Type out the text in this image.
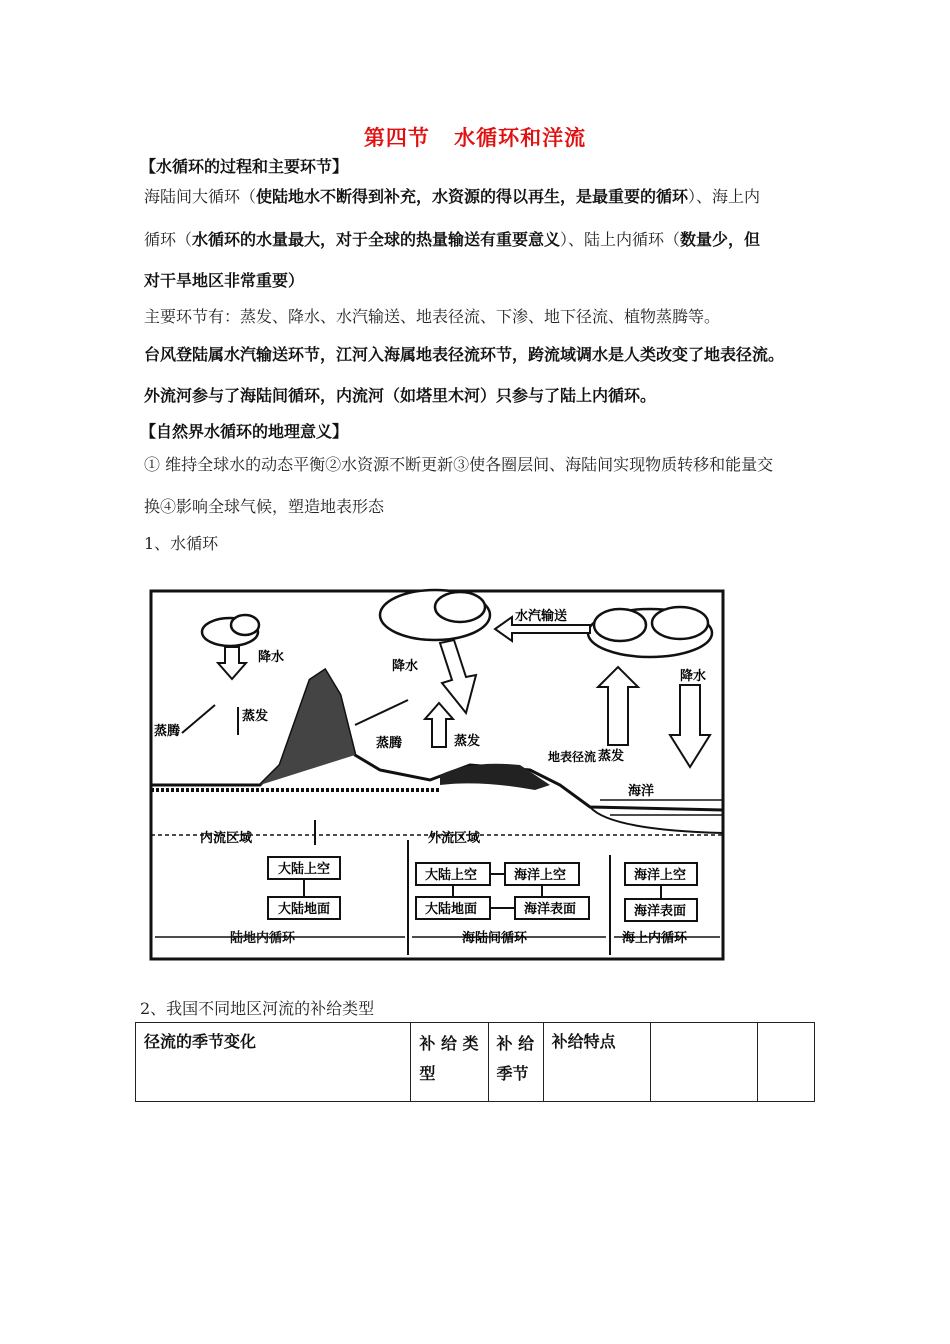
第四节 水循环和洋流
【水循环的过程和主要环节】
海陆间大循环（使陆地水不断得到补充，水资源的得以再生，是最重要的循环）、海上内
循环（水循环的水量最大，对于全球的热量输送有重要意义）、陆上内循环（数量少，但
对干旱地区非常重要）
主要环节有：蒸发、降水、水汽输送、地表径流、下渗、地下径流、植物蒸腾等。
台风登陆属水汽输送环节，江河入海属地表径流环节，跨流域调水是人类改变了地表径流。
外流河参与了海陆间循环，内流河（如塔里木河）只参与了陆上内循环。
【自然界水循环的地理意义】
① 维持全球水的动态平衡②水资源不断更新③使各圈层间、海陆间实现物质转移和能量交
换④影响全球气候，塑造地表形态
1、水循环
降水
降水
降水
水汽输送
蒸腾
蒸发
蒸腾	蒸发
地表径流 蒸发
海洋
内流区域	外流区域
大陆上空
大陆地面
大陆上空	海洋上空
大陆地面	海洋表面
海洋上空
海洋表面
陆地内循环	海陆间循环	海上内循环
2、我国不同地区河流的补给类型
径流的季节变化	补 给 类 型	补 给 季节	补给特点		
